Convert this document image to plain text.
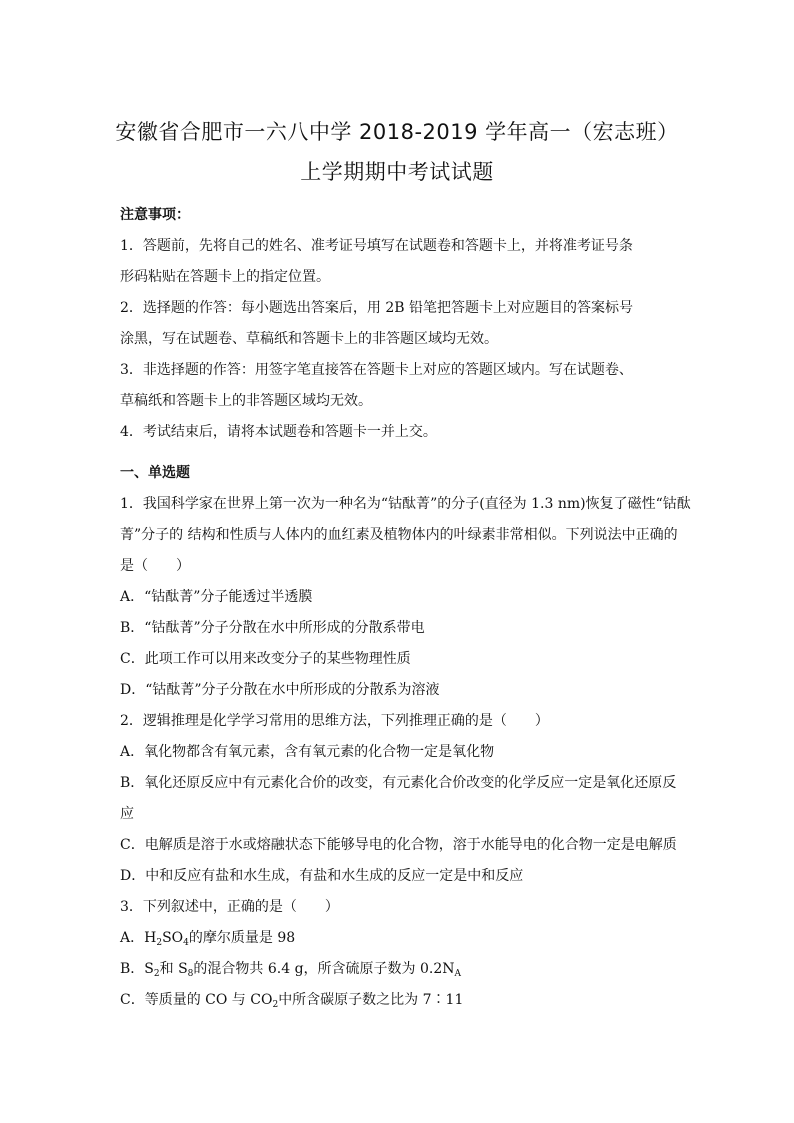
安徽省合肥市一六八中学 2018-2019 学年高一（宏志班）
上学期期中考试试题
注意事项：
1．答题前，先将自己的姓名、准考证号填写在试题卷和答题卡上，并将准考证号条
形码粘贴在答题卡上的指定位置。
2．选择题的作答：每小题选出答案后，用 2B 铅笔把答题卡上对应题目的答案标号
涂黑，写在试题卷、草稿纸和答题卡上的非答题区域均无效。
3．非选择题的作答：用签字笔直接答在答题卡上对应的答题区域内。写在试题卷、
草稿纸和答题卡上的非答题区域均无效。
4．考试结束后，请将本试题卷和答题卡一并上交。
一、单选题
1．我国科学家在世界上第一次为一种名为“钴酞菁”的分子(直径为 1.3 nm)恢复了磁性“钴酞
菁”分子的 结构和性质与人体内的血红素及植物体内的叶绿素非常相似。下列说法中正确的
是（　　）
A．“钴酞菁”分子能透过半透膜
B．“钴酞菁”分子分散在水中所形成的分散系带电
C．此项工作可以用来改变分子的某些物理性质
D．“钴酞菁”分子分散在水中所形成的分散系为溶液
2．逻辑推理是化学学习常用的思维方法，下列推理正确的是（　　）
A．氧化物都含有氧元素，含有氧元素的化合物一定是氧化物
B．氧化还原反应中有元素化合价的改变，有元素化合价改变的化学反应一定是氧化还原反
应
C．电解质是溶于水或熔融状态下能够导电的化合物，溶于水能导电的化合物一定是电解质
D．中和反应有盐和水生成，有盐和水生成的反应一定是中和反应
3．下列叙述中，正确的是（　　）
A．$H_2SO_4$的摩尔质量是 98
B．$S_2$和 $S_8$的混合物共 6.4 g，所含硫原子数为 $0.2N_A$
C．等质量的 CO 与 $CO_2$中所含碳原子数之比为 7∶11
